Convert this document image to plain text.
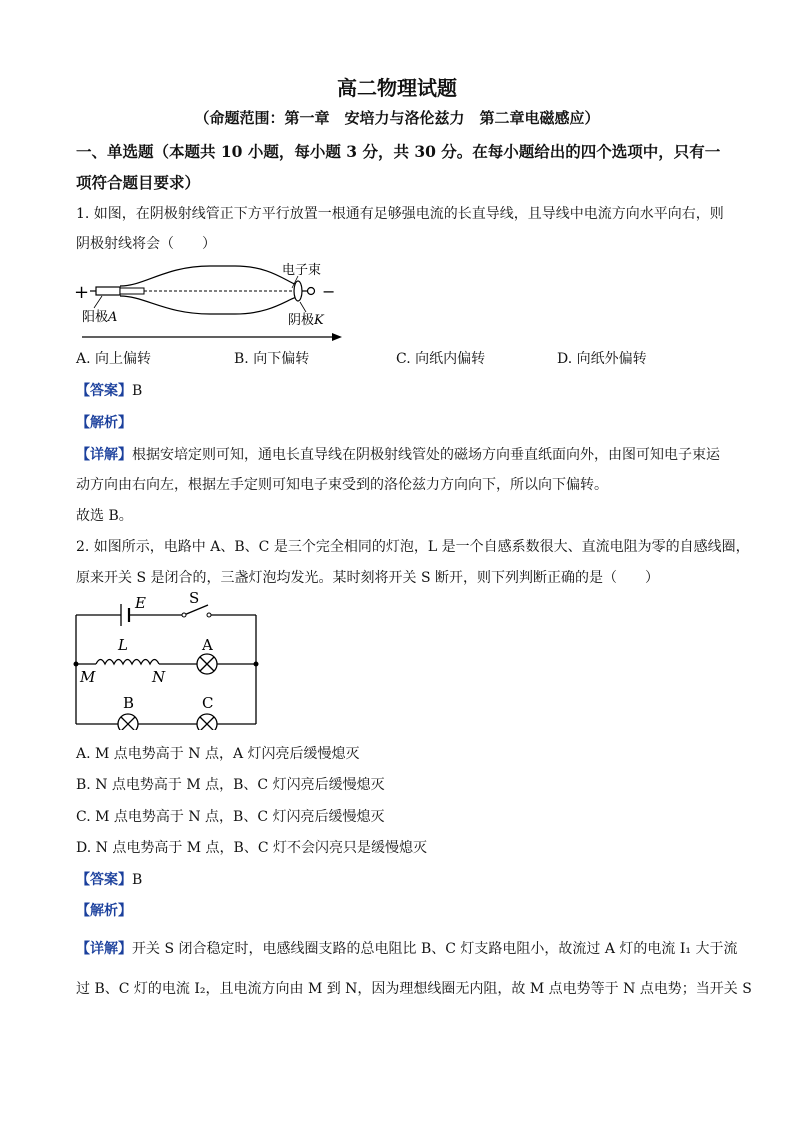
高二物理试题
（命题范围：第一章　安培力与洛伦兹力　第二章电磁感应）
一、单选题（本题共 10 小题，每小题 3 分，共 30 分。在每小题给出的四个选项中，只有一
项符合题目要求）
1. 如图，在阴极射线管正下方平行放置一根通有足够强电流的长直导线，且导线中电流方向水平向右，则
阴极射线将会（　　）
+	−
电子束
阳极A	阴极K
A. 向上偏转	B. 向下偏转	C. 向纸内偏转	D. 向纸外偏转
【答案】B
【解析】
【详解】根据安培定则可知，通电长直导线在阴极射线管处的磁场方向垂直纸面向外，由图可知电子束运
动方向由右向左，根据左手定则可知电子束受到的洛伦兹力方向向下，所以向下偏转。
故选 B。
2. 如图所示，电路中 A、B、C 是三个完全相同的灯泡，L 是一个自感系数很大、直流电阻为零的自感线圈，
原来开关 S 是闭合的，三盏灯泡均发光。某时刻将开关 S 断开，则下列判断正确的是（　　）
E	S
L	A
M	N
B	C
A. M 点电势高于 N 点，A 灯闪亮后缓慢熄灭
B. N 点电势高于 M 点，B、C 灯闪亮后缓慢熄灭
C. M 点电势高于 N 点，B、C 灯闪亮后缓慢熄灭
D. N 点电势高于 M 点，B、C 灯不会闪亮只是缓慢熄灭
【答案】B
【解析】
【详解】开关 S 闭合稳定时，电感线圈支路的总电阻比 B、C 灯支路电阻小，故流过 A 灯的电流 I₁ 大于流
过 B、C 灯的电流 I₂，且电流方向由 M 到 N，因为理想线圈无内阻，故 M 点电势等于 N 点电势；当开关 S
